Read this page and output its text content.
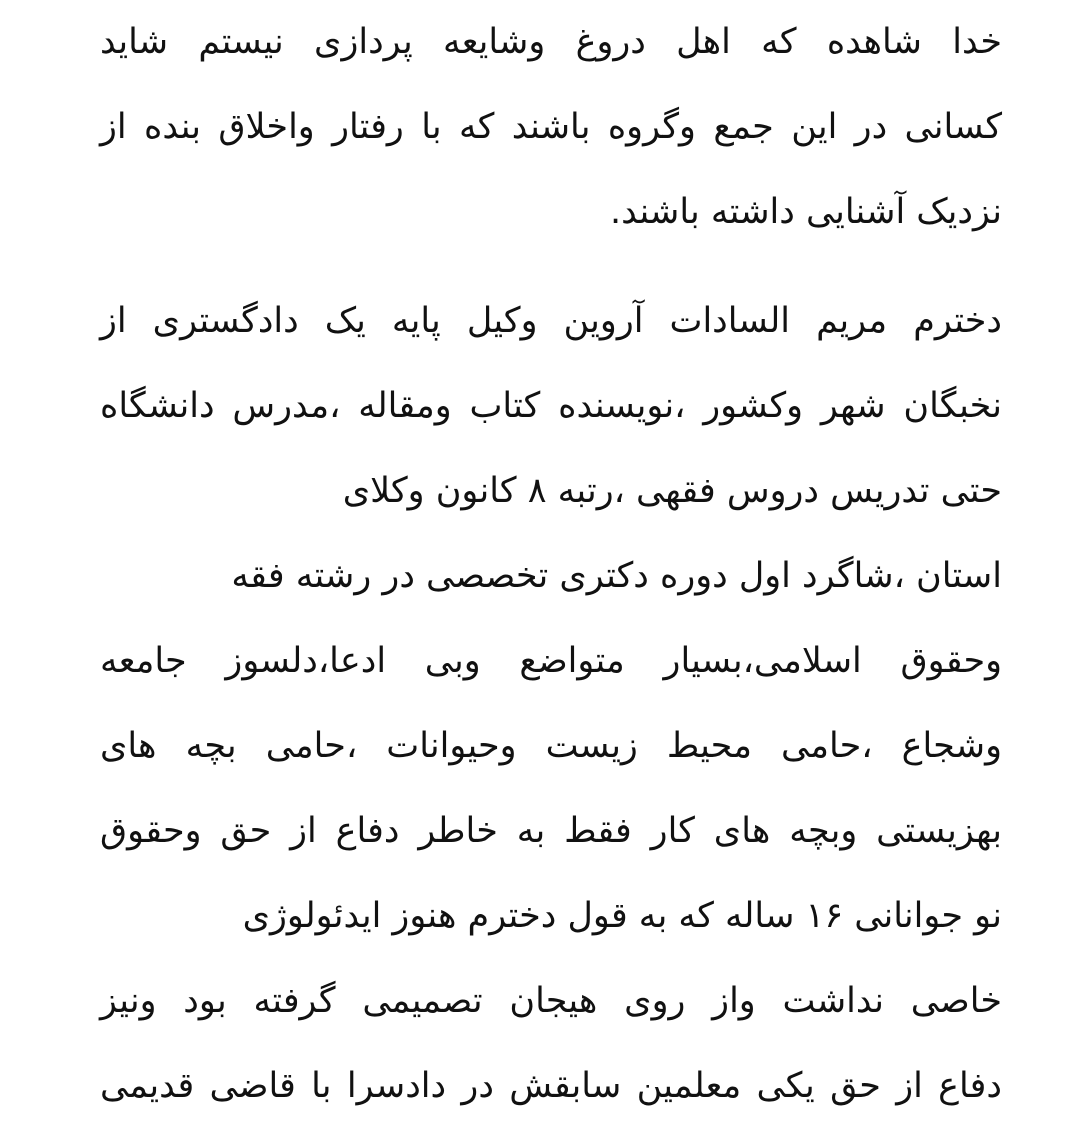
خدا شاهده که اهل دروغ وشایعه پردازی نیستم شاید
کسانی در این جمع وگروه باشند که با رفتار واخلاق بنده از
نزدیک آشنایی داشته باشند.
دخترم مریم السادات آروین وکیل پایه یک دادگستری از
نخبگان شهر وکشور ،نویسنده کتاب ومقاله ،مدرس دانشگاه
حتی تدریس دروس فقهی ،رتبه ۸ کانون وکلای
استان ،شاگرد اول دوره دکتری تخصصی در رشته فقه
وحقوق اسلامی،بسیار متواضع وبی ادعا،دلسوز جامعه
وشجاع ،حامی محیط زیست وحیوانات ،حامی بچه های
بهزیستی وبچه های کار فقط به خاطر دفاع از حق وحقوق
نو جوانانی ۱۶ ساله که به قول دخترم هنوز ایدئولوژی
خاصی نداشت واز روی هیجان تصمیمی گرفته بود ونیز
دفاع از حق یکی معلمین سابقش در دادسرا با قاضی قدیمی
